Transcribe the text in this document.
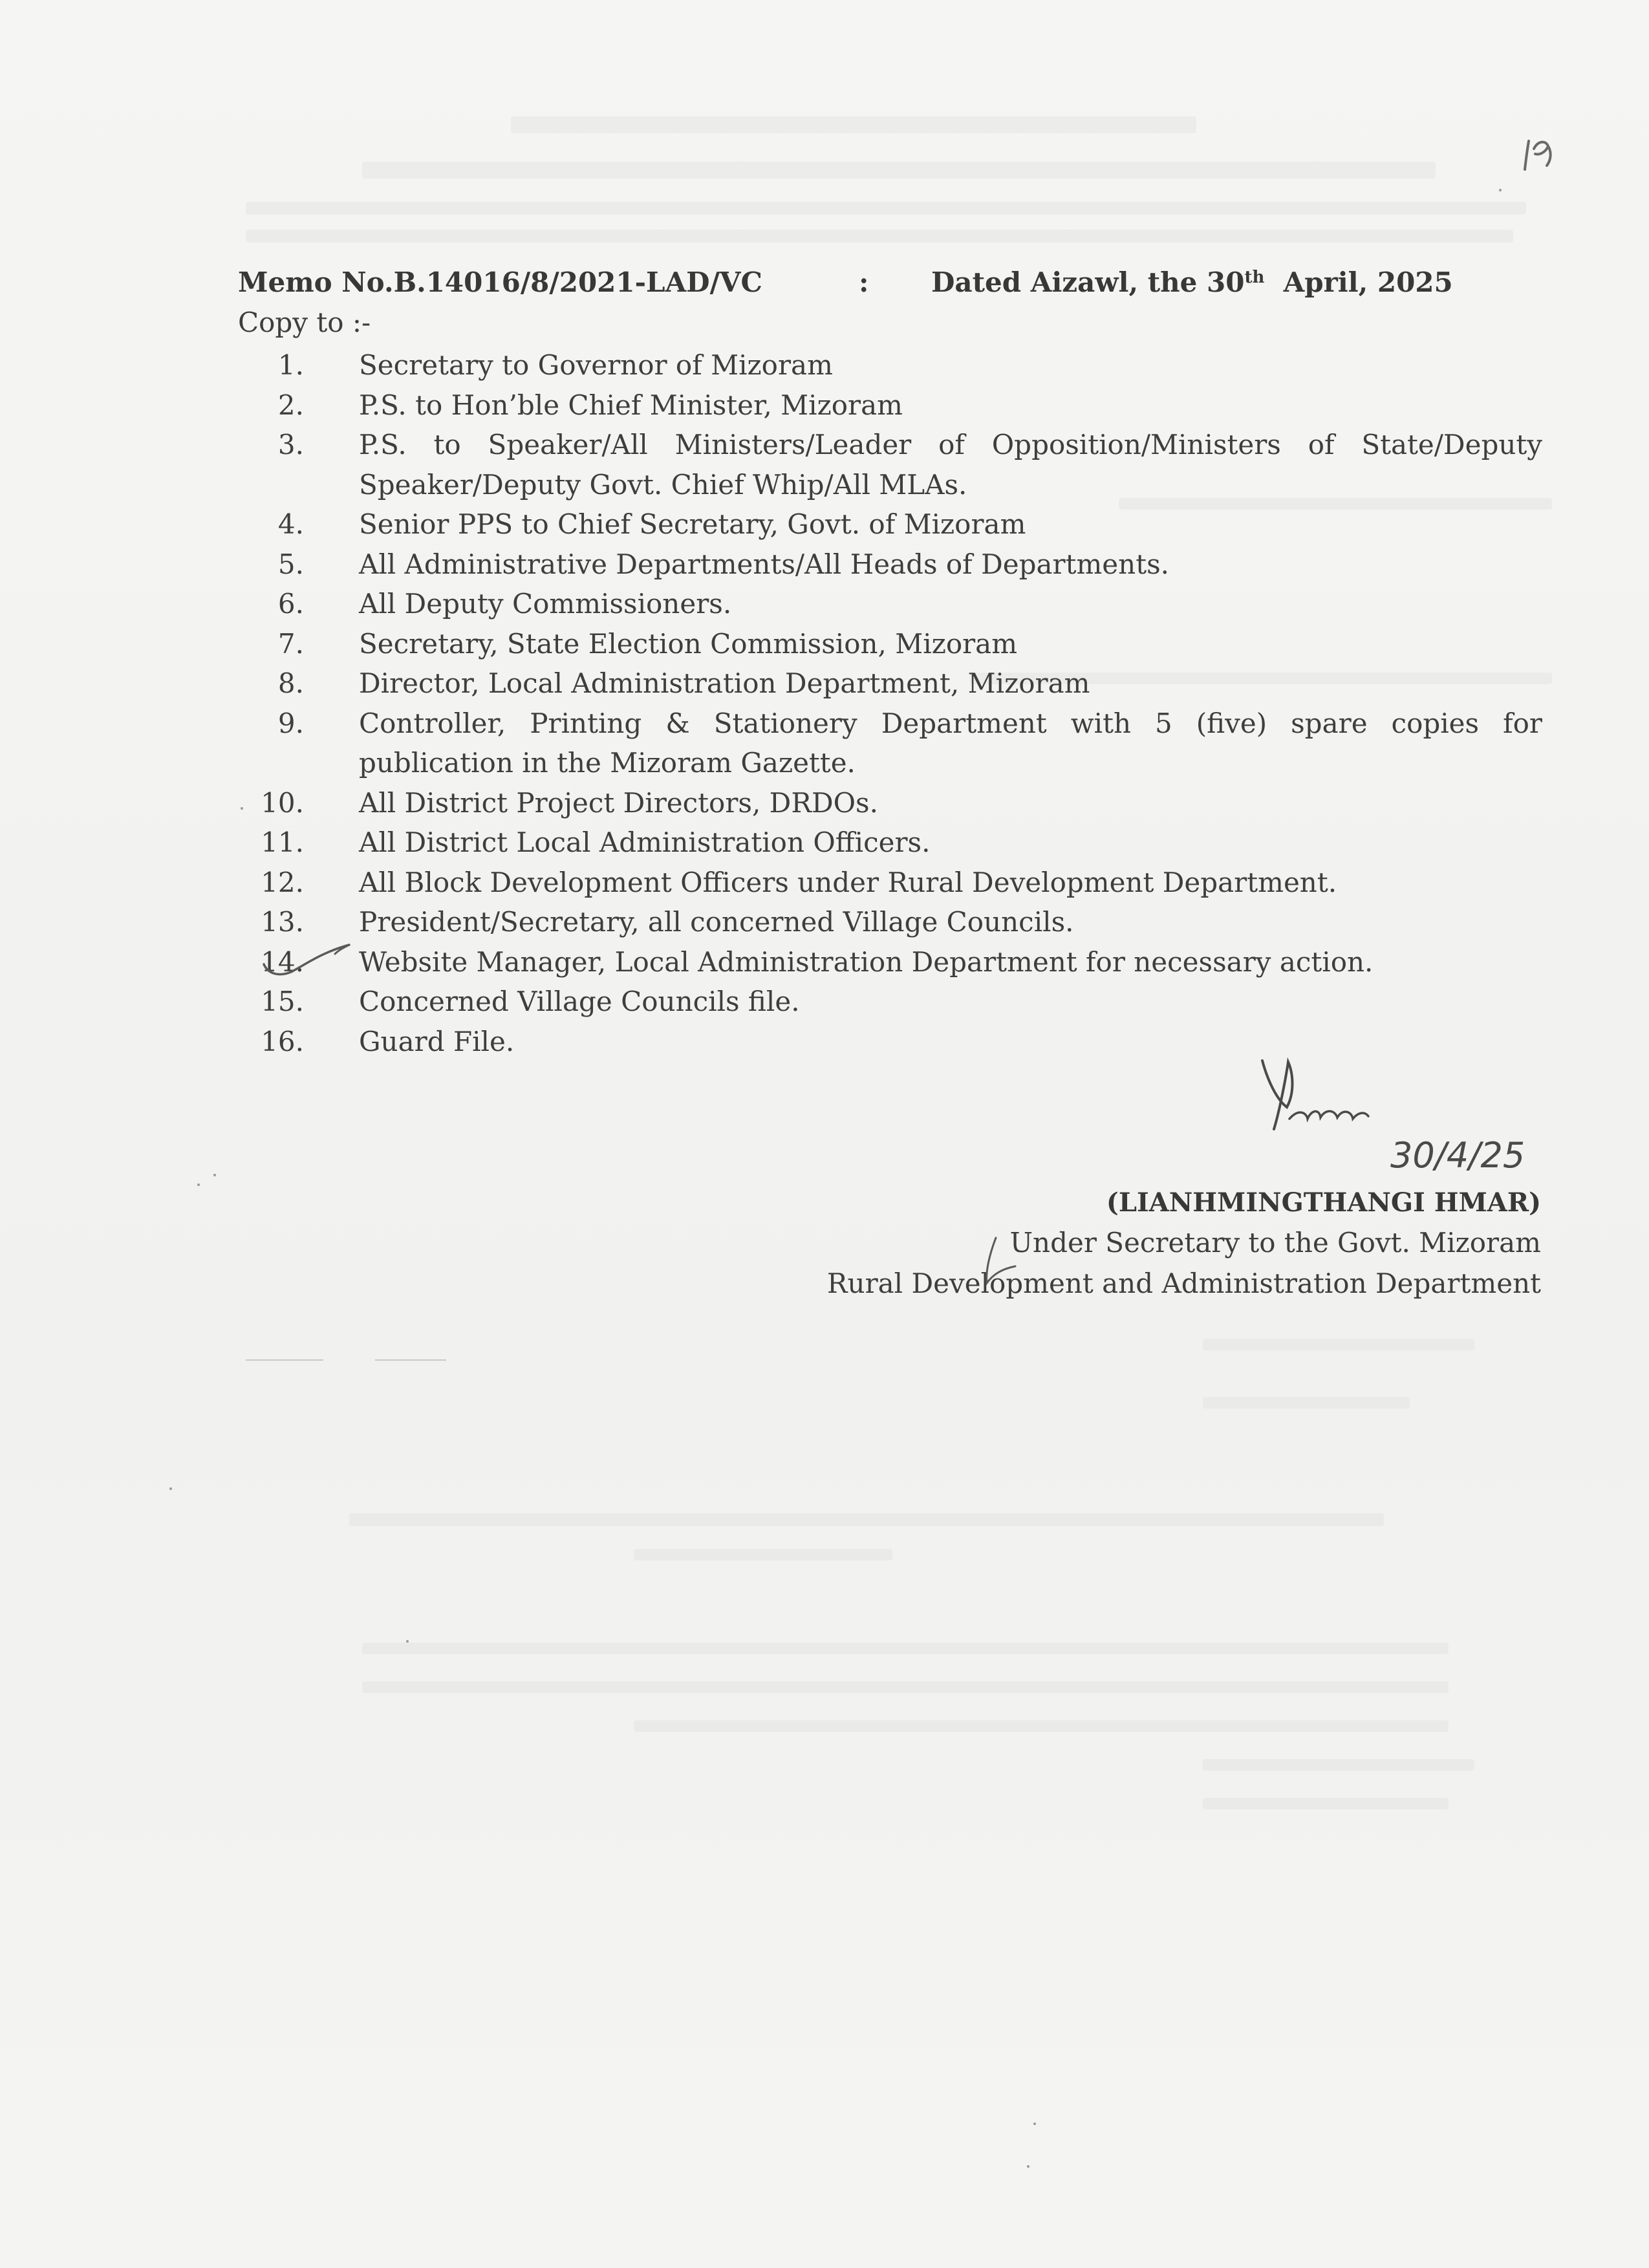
Memo No.B.14016/8/2021-LAD/VC	: Dated Aizawl, the 30th April, 2025
Copy to :-
1. Secretary to Governor of Mizoram
2. P.S. to Hon’ble Chief Minister, Mizoram
3. P.S. to Speaker/All Ministers/Leader of Opposition/Ministers of State/Deputy Speaker/Deputy Govt. Chief Whip/All MLAs.
4. Senior PPS to Chief Secretary, Govt. of Mizoram
5. All Administrative Departments/All Heads of Departments.
6. All Deputy Commissioners.
7. Secretary, State Election Commission, Mizoram
8. Director, Local Administration Department, Mizoram
9. Controller, Printing & Stationery Department with 5 (five) spare copies for publication in the Mizoram Gazette.
10. All District Project Directors, DRDOs.
11. All District Local Administration Officers.
12. All Block Development Officers under Rural Development Department.
13. President/Secretary, all concerned Village Councils.
14. Website Manager, Local Administration Department for necessary action.
15. Concerned Village Councils file.
16. Guard File.
30/4/25
(LIANHMINGTHANGI HMAR)
Under Secretary to the Govt. Mizoram
Rural Development and Administration Department
